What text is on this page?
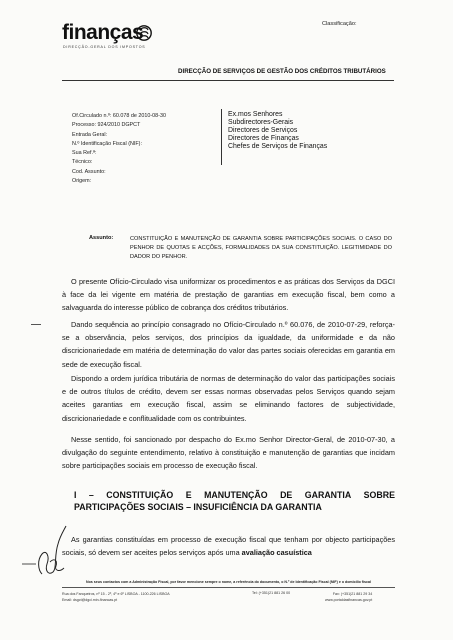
finanças
DIRECÇÃO-GERAL DOS IMPOSTOS
Classificação:
DIRECÇÃO DE SERVIÇOS DE GESTÃO DOS CRÉDITOS TRIBUTÁRIOS
Of.Circulado n.º: 60.078 de 2010-08-30
Processo: 924/2010 DGPCT
Entrada Geral:
N.º Identificação Fiscal (NIF):
Sua Ref.ª:
Técnico:
Cod. Assunto:
Origem:
Ex.mos Senhores
Subdirectores-Gerais
Directores de Serviços
Directores de Finanças
Chefes de Serviços de Finanças
Assunto:	CONSTITUIÇÃO E MANUTENÇÃO DE GARANTIA SOBRE PARTICIPAÇÕES SOCIAIS. O CASO DO PENHOR DE QUOTAS E ACÇÕES, FORMALIDADES DA SUA CONSTITUIÇÃO. LEGITIMIDADE DO DADOR DO PENHOR.
O presente Ofício-Circulado visa uniformizar os procedimentos e as práticas dos Serviços da DGCI à face da lei vigente em matéria de prestação de garantias em execução fiscal, bem como a salvaguarda do interesse público de cobrança dos créditos tributários.
Dando sequência ao princípio consagrado no Ofício-Circulado n.º 60.076, de 2010-07-29, reforça-se a observância, pelos serviços, dos princípios da igualdade, da uniformidade e da não discricionariedade em matéria de determinação do valor das partes sociais oferecidas em garantia em sede de execução fiscal.
Dispondo a ordem jurídica tributária de normas de determinação do valor das participações sociais e de outros títulos de crédito, devem ser essas normas observadas pelos Serviços quando sejam aceites garantias em execução fiscal, assim se eliminando factores de subjectividade, discricionariedade e conflitualidade com os contribuintes.
Nesse sentido, foi sancionado por despacho do Ex.mo Senhor Director-Geral, de 2010-07-30, a divulgação do seguinte entendimento, relativo à constituição e manutenção de garantias que incidam sobre participações sociais em processo de execução fiscal.
I – CONSTITUIÇÃO E MANUTENÇÃO DE GARANTIA SOBRE
PARTICIPAÇÕES SOCIAIS – INSUFICIÊNCIA DA GARANTIA
As garantias constituídas em processo de execução fiscal que tenham por objecto participações sociais, só devem ser aceites pelos serviços após uma avaliação casuística
Nos seus contactos com a Administração Fiscal, por favor mencione sempre o nome, a referência do documento, o N.º de Identificação Fiscal (NIF) e o domicílio fiscal
Rua dos Fanqueiros, nº 15 - 2º, 4º e 6º LISBOA - 1100-226 LISBOA
Email: dsgct@dgci.min-financas.pt
Tel: (+351)21 881 26 00	Fax: (+351)21 881 29 34
www.portaldasfinancas.gov.pt
